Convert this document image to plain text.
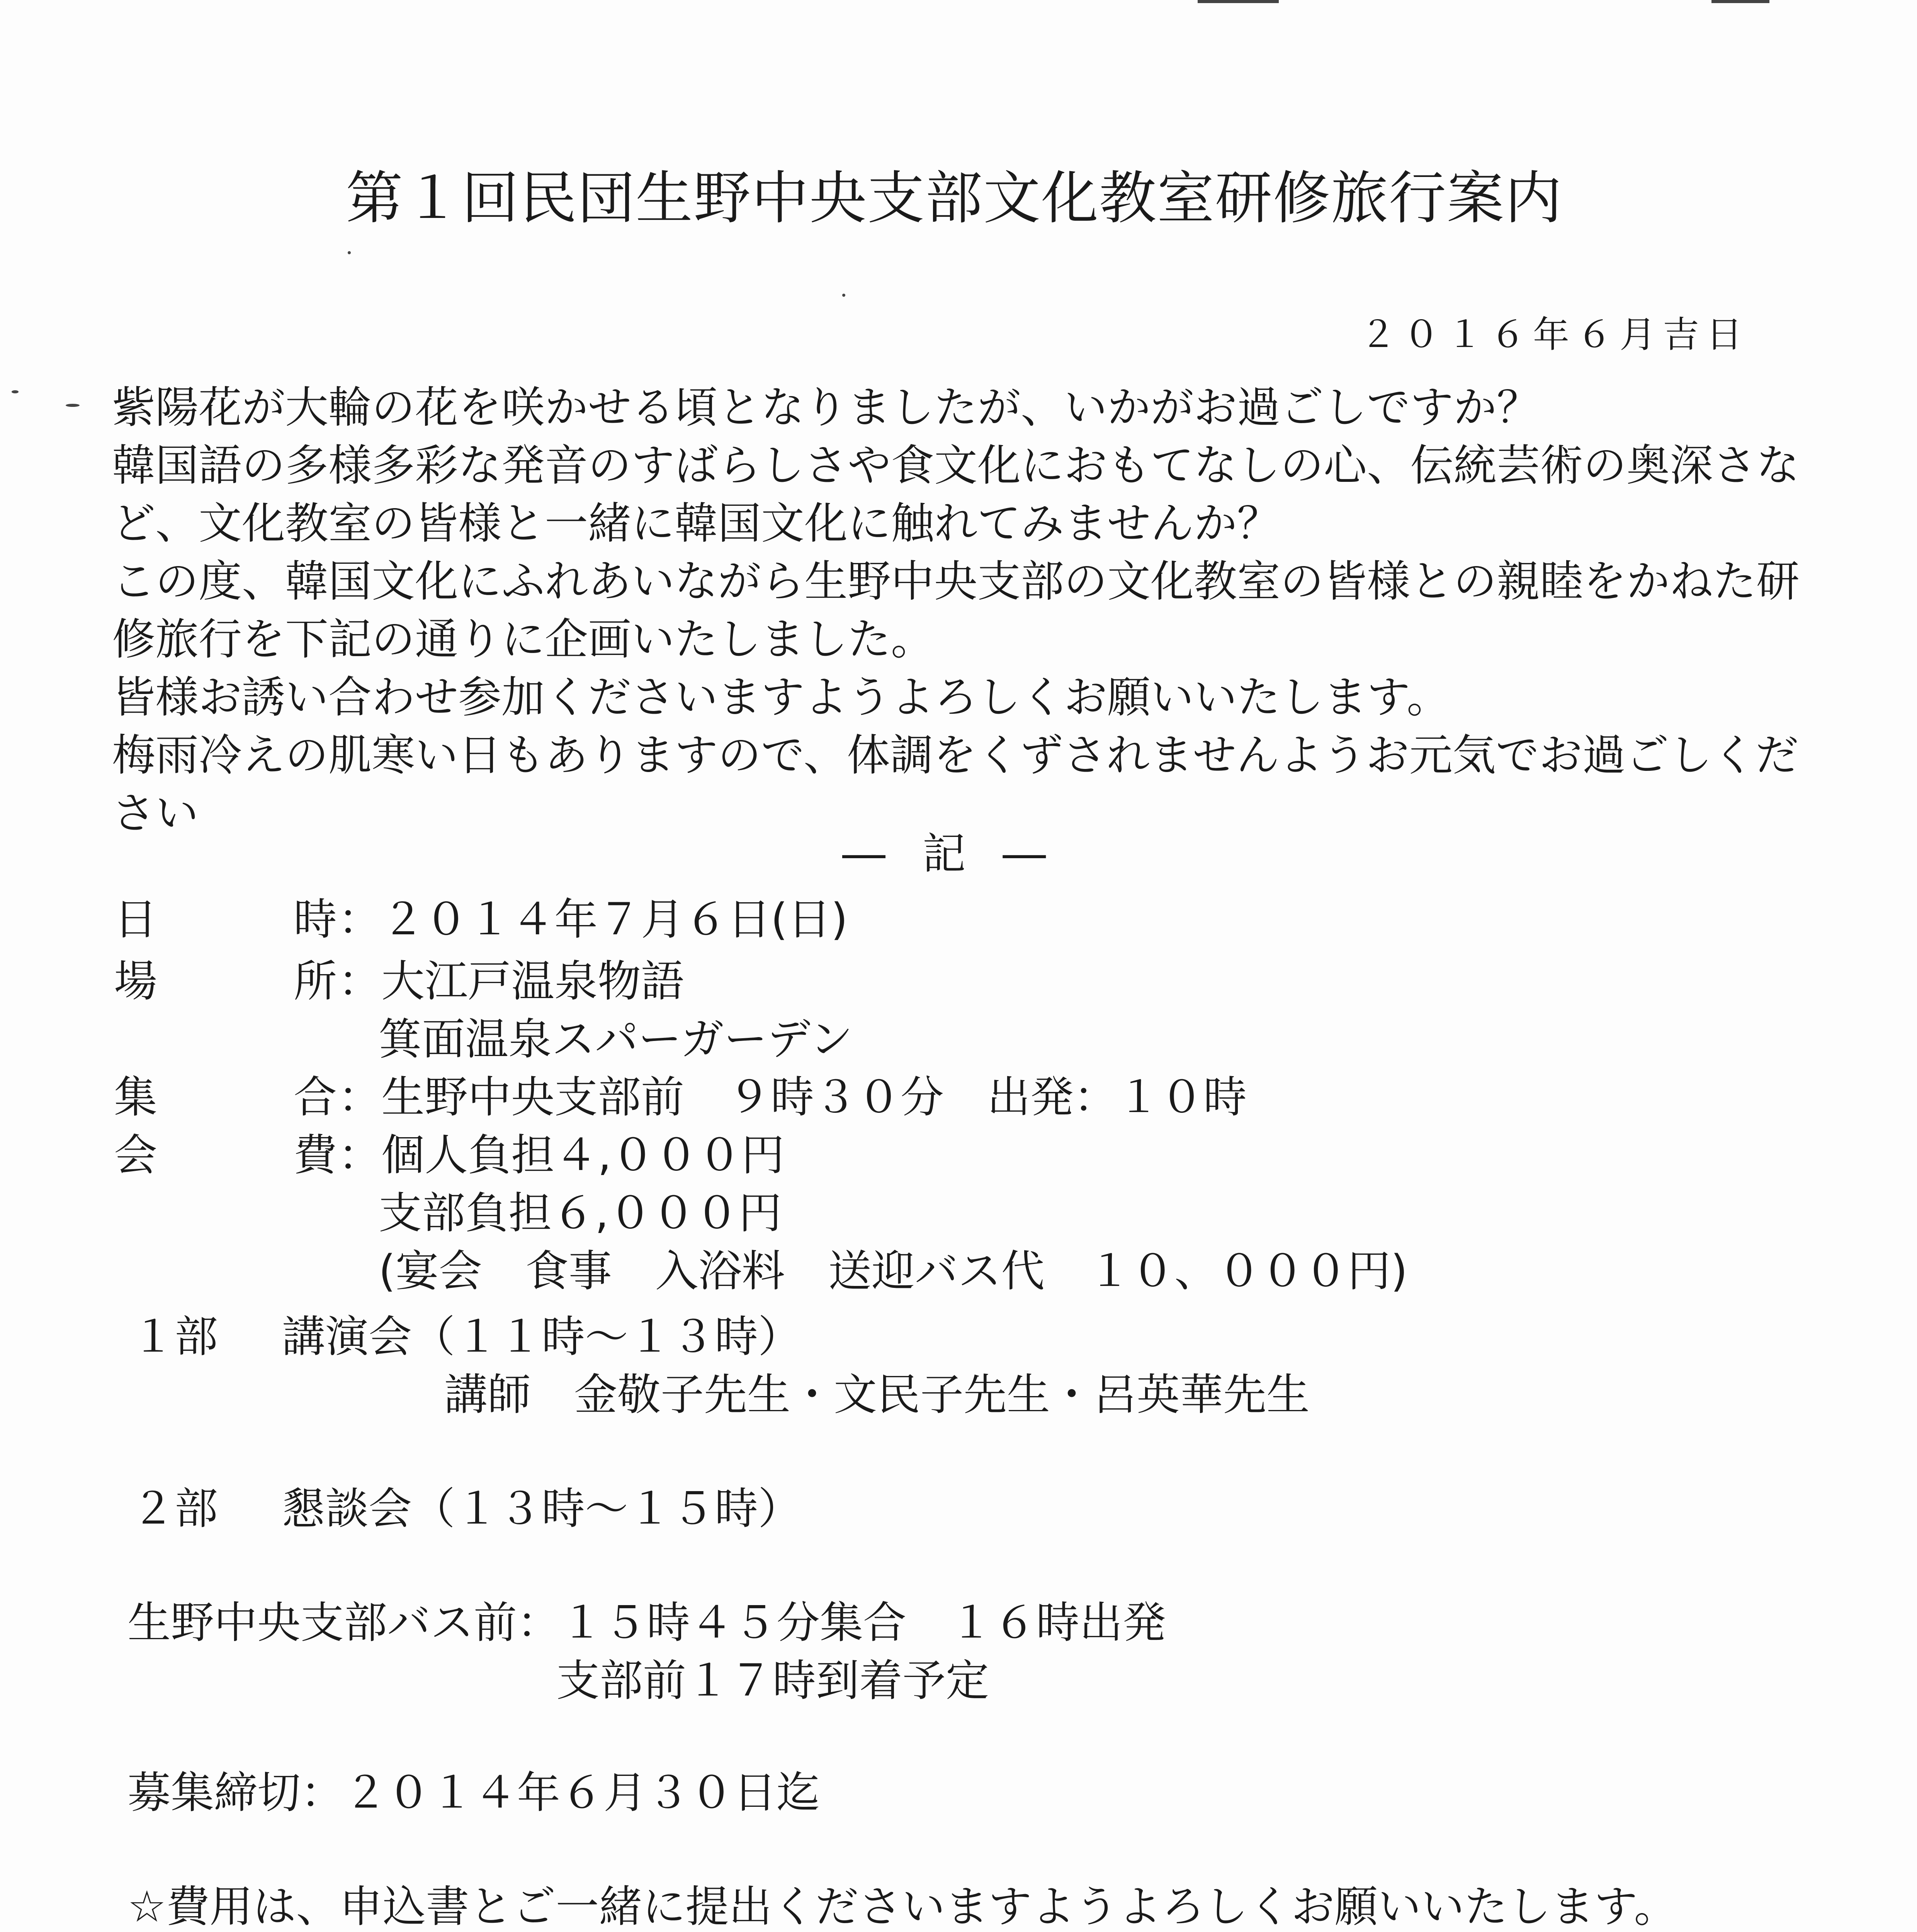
第１回民団生野中央支部文化教室研修旅行案内
２０１６年６月吉日
紫陽花が大輪の花を咲かせる頃となりましたが、いかがお過ごしですか？
韓国語の多様多彩な発音のすばらしさや食文化におもてなしの心、伝統芸術の奥深さな
ど、文化教室の皆様と一緒に韓国文化に触れてみませんか？
この度、韓国文化にふれあいながら生野中央支部の文化教室の皆様との親睦をかねた研
修旅行を下記の通りに企画いたしました。
皆様お誘い合わせ参加くださいますようよろしくお願いいたします。
梅雨冷えの肌寒い日もありますので、体調をくずされませんようお元気でお過ごしくだ
さい
― 記 ―
日	時 ：２０１４年７月６日(日)
場	所 ：大江戸温泉物語
箕面温泉スパーガーデン
集	合 ：生野中央支部前　９時３０分　出発：１０時
会	費 ：個人負担４,０００円
支部負担６,０００円
(宴会　食事　入浴料　送迎バス代　１０、０００円)
１部 講演会（１１時～１３時）
講師　金敬子先生・文民子先生・呂英華先生
２部 懇談会（１３時～１５時）
生野中央支部バス前：１５時４５分集合　１６時出発
支部前１７時到着予定
募集締切：２０１４年６月３０日迄
☆費用は、申込書とご一緒に提出くださいますようよろしくお願いいたします。
